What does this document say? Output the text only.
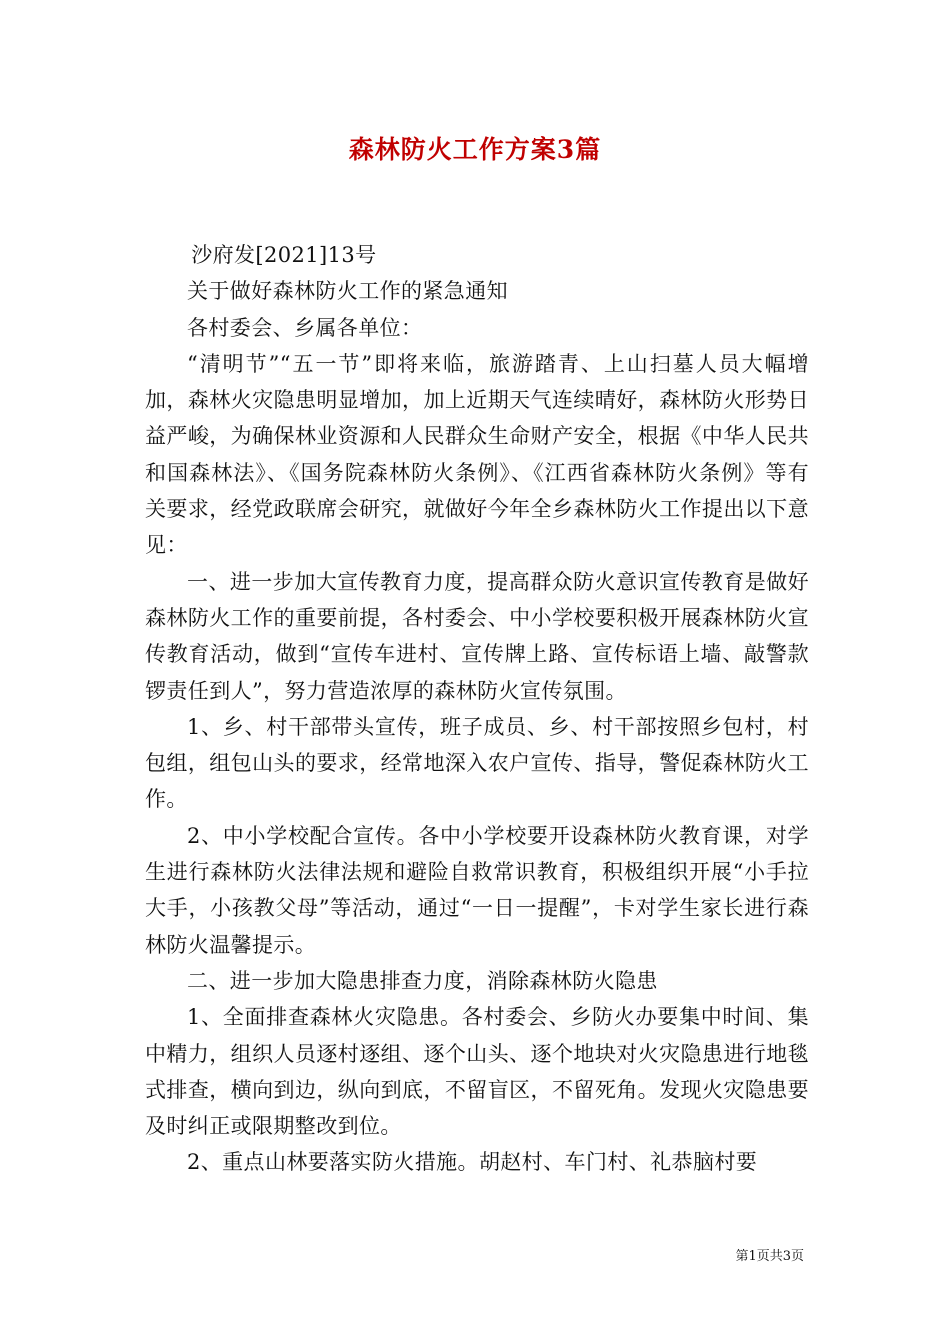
森林防火工作方案3篇

沙府发[2021]13号

关于做好森林防火工作的紧急通知

各村委会、乡属各单位：

“清明节”“五一节”即将来临，旅游踏青、上山扫墓人员大幅增加，森林火灾隐患明显增加，加上近期天气连续晴好，森林防火形势日益严峻，为确保林业资源和人民群众生命财产安全，根据《中华人民共和国森林法》、《国务院森林防火条例》、《江西省森林防火条例》等有关要求，经党政联席会研究，就做好今年全乡森林防火工作提出以下意见：

一、进一步加大宣传教育力度，提高群众防火意识宣传教育是做好森林防火工作的重要前提，各村委会、中小学校要积极开展森林防火宣传教育活动，做到“宣传车进村、宣传牌上路、宣传标语上墙、敲警款锣责任到人”，努力营造浓厚的森林防火宣传氛围。

1、乡、村干部带头宣传，班子成员、乡、村干部按照乡包村，村包组，组包山头的要求，经常地深入农户宣传、指导，警促森林防火工作。

2、中小学校配合宣传。各中小学校要开设森林防火教育课，对学生进行森林防火法律法规和避险自救常识教育，积极组织开展“小手拉大手，小孩教父母”等活动，通过“一日一提醒”，卡对学生家长进行森林防火温馨提示。

二、进一步加大隐患排查力度，消除森林防火隐患

1、全面排查森林火灾隐患。各村委会、乡防火办要集中时间、集中精力，组织人员逐村逐组、逐个山头、逐个地块对火灾隐患进行地毯式排查，横向到边，纵向到底，不留盲区，不留死角。发现火灾隐患要及时纠正或限期整改到位。

2、重点山林要落实防火措施。胡赵村、车门村、礼恭脑村要

第1页共3页
